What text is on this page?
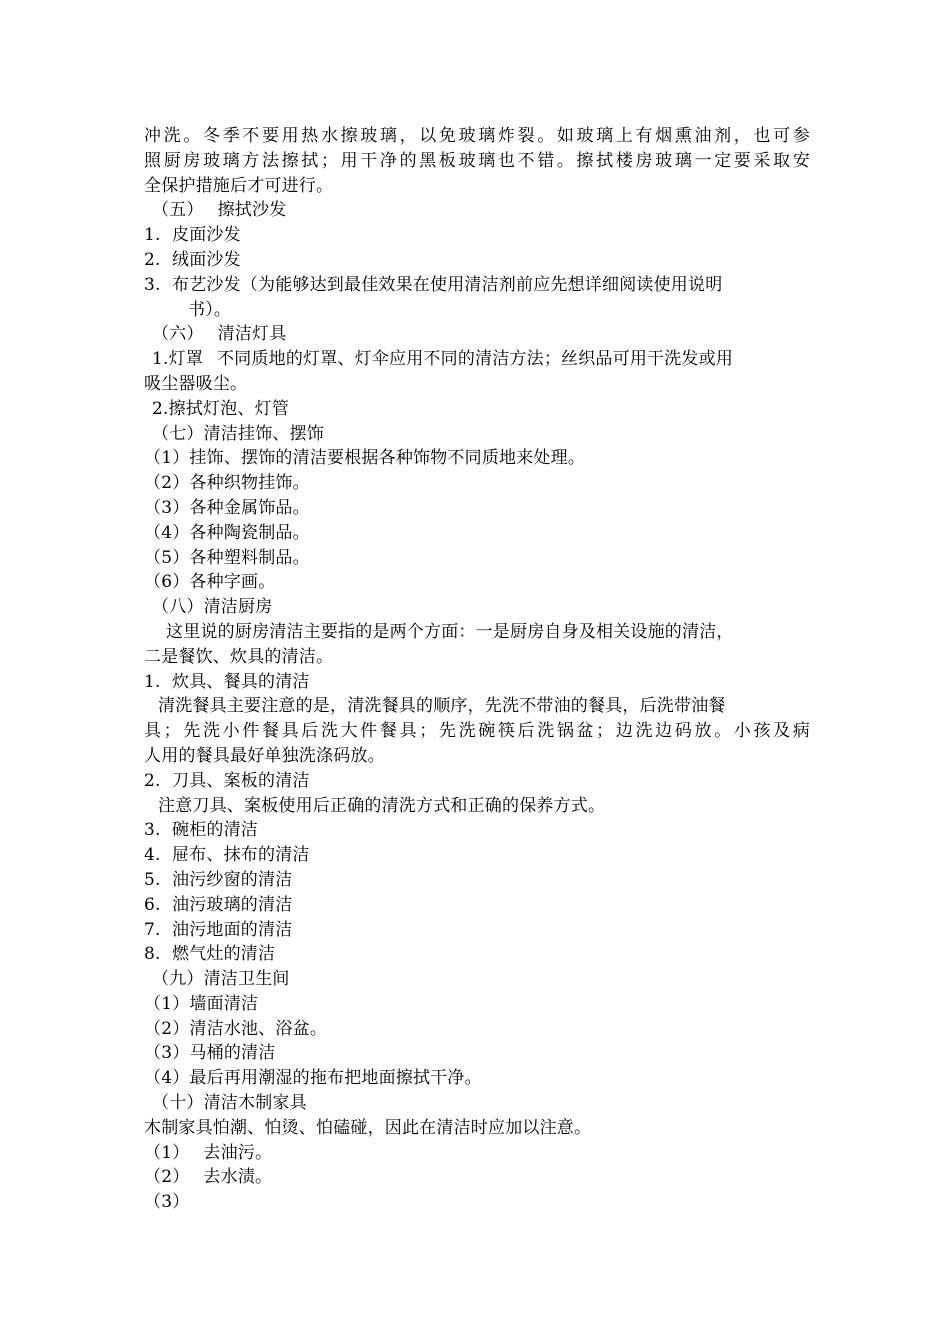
冲洗。冬季不要用热水擦玻璃，以免玻璃炸裂。如玻璃上有烟熏油剂，也可参
照厨房玻璃方法擦拭；用干净的黑板玻璃也不错。擦拭楼房玻璃一定要采取安
全保护措施后才可进行。
（五） 擦拭沙发
1. 皮面沙发
2. 绒面沙发
3. 布艺沙发（为能够达到最佳效果在使用清洁剂前应先想详细阅读使用说明
书）。
（六） 清洁灯具
1.灯罩 不同质地的灯罩、灯伞应用不同的清洁方法；丝织品可用干洗发或用
吸尘器吸尘。
2.擦拭灯泡、灯管
（七）清洁挂饰、摆饰
（1）挂饰、摆饰的清洁要根据各种饰物不同质地来处理。
（2）各种织物挂饰。
（3）各种金属饰品。
（4）各种陶瓷制品。
（5）各种塑料制品。
（6）各种字画。
（八）清洁厨房
这里说的厨房清洁主要指的是两个方面：一是厨房自身及相关设施的清洁，
二是餐饮、炊具的清洁。
1. 炊具、餐具的清洁
清洗餐具主要注意的是，清洗餐具的顺序，先洗不带油的餐具，后洗带油餐
具；先洗小件餐具后洗大件餐具；先洗碗筷后洗锅盆；边洗边码放。小孩及病
人用的餐具最好单独洗涤码放。
2. 刀具、案板的清洁
注意刀具、案板使用后正确的清洗方式和正确的保养方式。
3. 碗柜的清洁
4. 屉布、抹布的清洁
5. 油污纱窗的清洁
6. 油污玻璃的清洁
7. 油污地面的清洁
8. 燃气灶的清洁
（九）清洁卫生间
（1）墙面清洁
（2）清洁水池、浴盆。
（3）马桶的清洁
（4）最后再用潮湿的拖布把地面擦拭干净。
（十）清洁木制家具
木制家具怕潮、怕烫、怕磕碰，因此在清洁时应加以注意。
（1） 去油污。
（2） 去水渍。
（3）
